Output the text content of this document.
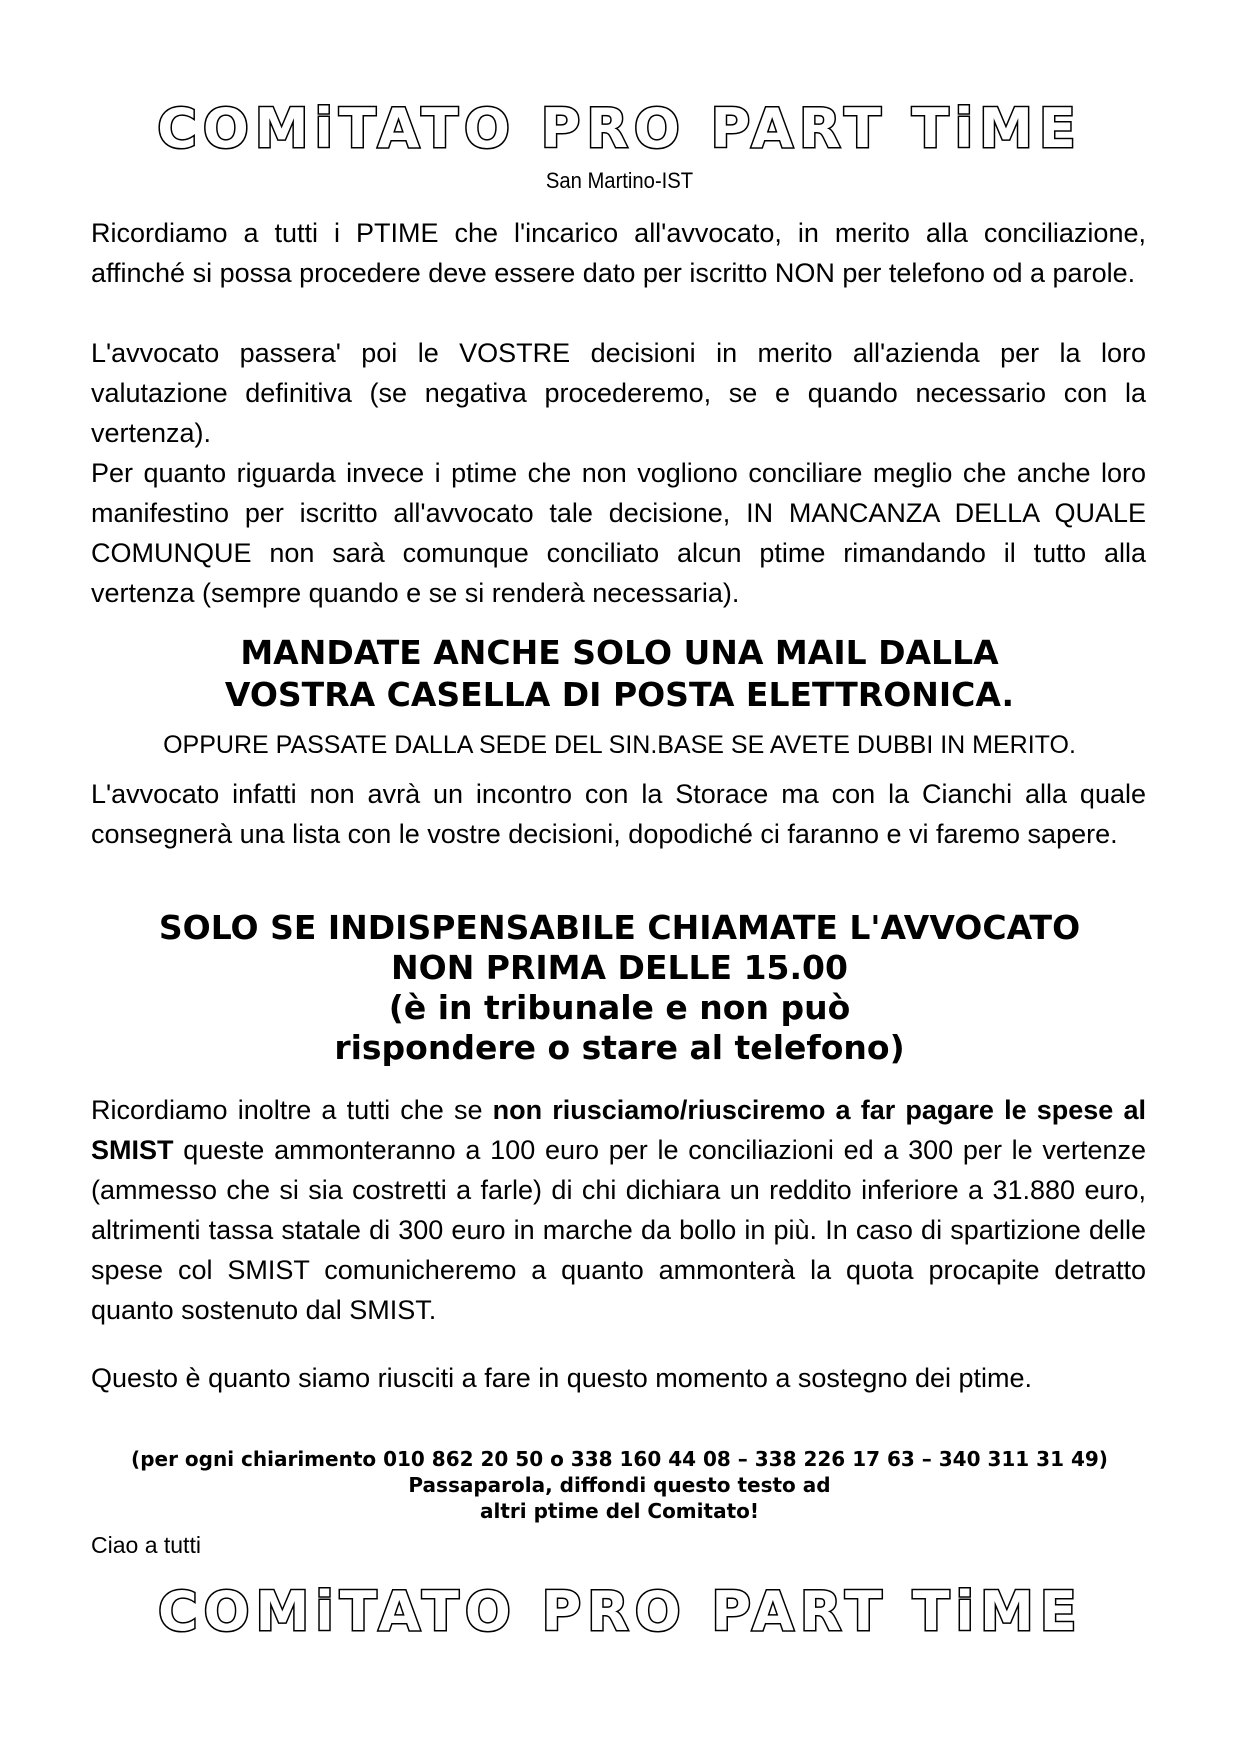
COMiTATO PRO PART TiME
San Martino-IST

Ricordiamo a tutti i PTIME che l'incarico all'avvocato, in merito alla conciliazione, affinché si possa procedere deve essere dato per iscritto NON per telefono od a parole.

L'avvocato passera' poi le VOSTRE decisioni in merito all'azienda per la loro valutazione definitiva (se negativa procederemo, se e quando necessario con la vertenza).

Per quanto riguarda invece i ptime che non vogliono conciliare meglio che anche loro manifestino per iscritto all'avvocato tale decisione, IN MANCANZA DELLA QUALE COMUNQUE non sarà comunque conciliato alcun ptime rimandando il tutto alla vertenza (sempre quando e se si renderà necessaria).

MANDATE ANCHE SOLO UNA MAIL DALLA
VOSTRA CASELLA DI POSTA ELETTRONICA.
OPPURE PASSATE DALLA SEDE DEL SIN.BASE SE AVETE DUBBI IN MERITO.

L'avvocato infatti non avrà un incontro con la Storace ma con la Cianchi alla quale consegnerà una lista con le vostre decisioni, dopodiché ci faranno e vi faremo sapere.

SOLO SE INDISPENSABILE CHIAMATE L'AVVOCATO
NON PRIMA DELLE 15.00
(è in tribunale e non può
rispondere o stare al telefono)

Ricordiamo inoltre a tutti che se non riusciamo/riusciremo a far pagare le spese al SMIST queste ammonteranno a 100 euro per le conciliazioni ed a 300 per le vertenze (ammesso che si sia costretti a farle) di chi dichiara un reddito inferiore a 31.880 euro, altrimenti tassa statale di 300 euro in marche da bollo in più. In caso di spartizione delle spese col SMIST comunicheremo a quanto ammonterà la quota procapite detratto quanto sostenuto dal SMIST.

Questo è quanto siamo riusciti a fare in questo momento a sostegno dei ptime.

(per ogni chiarimento 010 862 20 50 o 338 160 44 08 – 338 226 17 63 – 340 311 31 49)
Passaparola, diffondi questo testo ad
altri ptime del Comitato!
Ciao a tutti
COMiTATO PRO PART TiME
